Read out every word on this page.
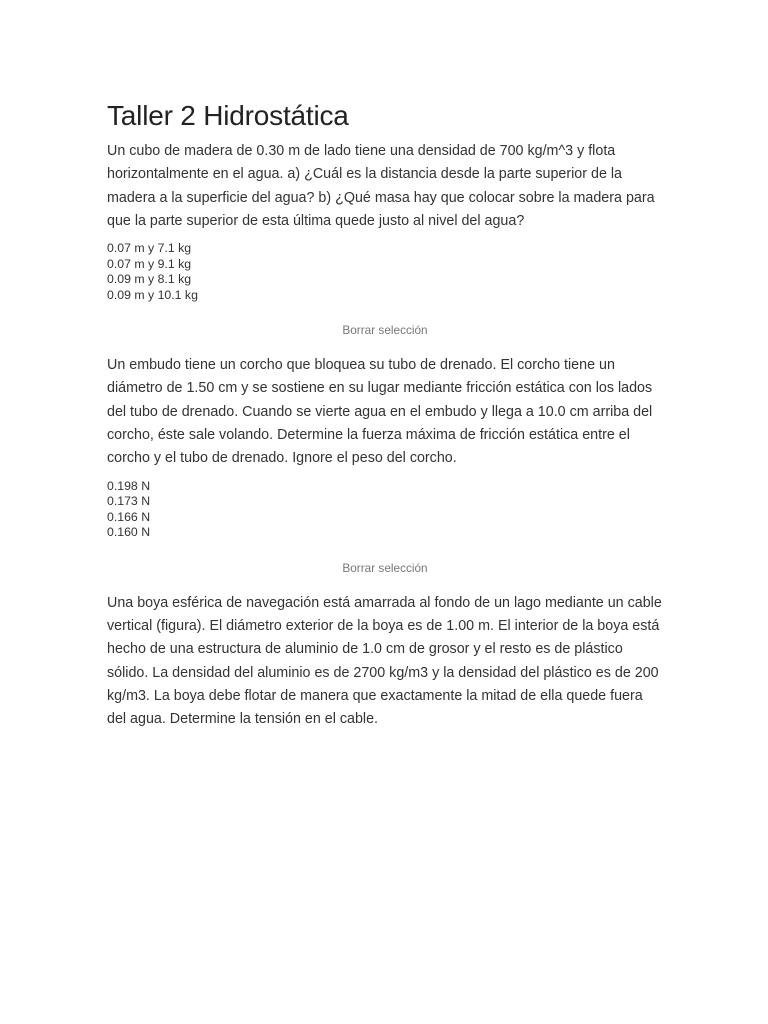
Taller 2 Hidrostática

Un cubo de madera de 0.30 m de lado tiene una densidad de 700 kg/m^3 y flota horizontalmente en el agua. a) ¿Cuál es la distancia desde la parte superior de la madera a la superficie del agua? b) ¿Qué masa hay que colocar sobre la madera para que la parte superior de esta última quede justo al nivel del agua?

0.07 m y 7.1 kg
0.07 m y 9.1 kg
0.09 m y 8.1 kg
0.09 m y 10.1 kg
Borrar selección

Un embudo tiene un corcho que bloquea su tubo de drenado. El corcho tiene un diámetro de 1.50 cm y se sostiene en su lugar mediante fricción estática con los lados del tubo de drenado. Cuando se vierte agua en el embudo y llega a 10.0 cm arriba del corcho, éste sale volando. Determine la fuerza máxima de fricción estática entre el corcho y el tubo de drenado. Ignore el peso del corcho.

0.198 N
0.173 N
0.166 N
0.160 N
Borrar selección

Una boya esférica de navegación está amarrada al fondo de un lago mediante un cable vertical (figura). El diámetro exterior de la boya es de 1.00 m. El interior de la boya está hecho de una estructura de aluminio de 1.0 cm de grosor y el resto es de plástico sólido. La densidad del aluminio es de 2700 kg/m3 y la densidad del plástico es de 200 kg/m3. La boya debe flotar de manera que exactamente la mitad de ella quede fuera del agua. Determine la tensión en el cable.
